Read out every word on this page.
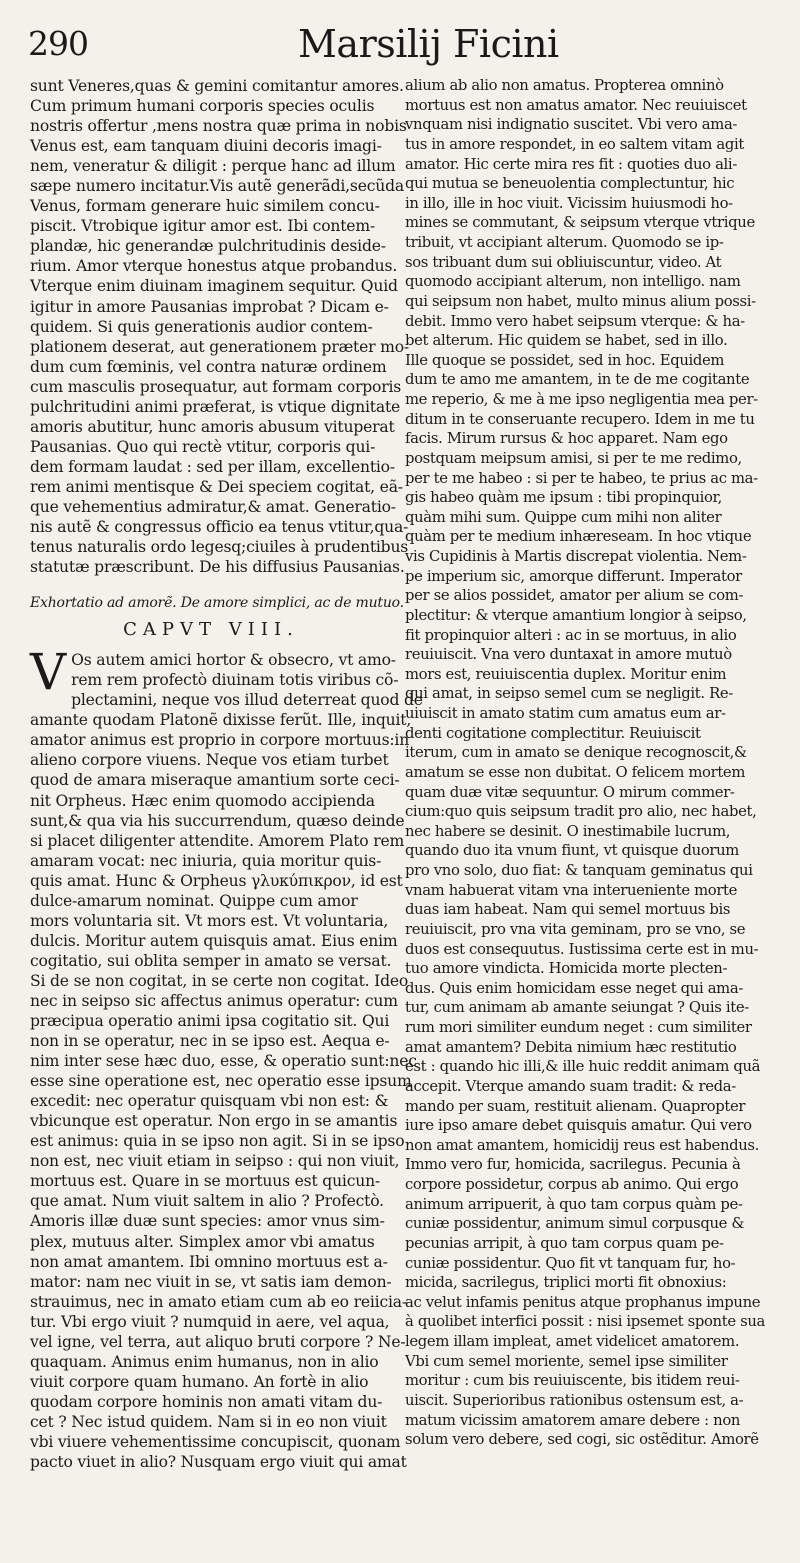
290	Marsilij Ficini
sunt Veneres,quas & gemini comitantur amores.
Cum primum humani corporis species oculis
nostris offertur ,mens nostra quæ prima in nobis
Venus est, eam tanquam diuini decoris imagi-
nem, veneratur & diligit : perque hanc ad illum
sæpe numero incitatur.Vis autẽ generãdi,secũda
Venus, formam generare huic similem concu-
piscit. Vtrobique igitur amor est. Ibi contem-
plandæ, hic generandæ pulchritudinis deside-
rium. Amor vterque honestus atque probandus.
Vterque enim diuinam imaginem sequitur. Quid
igitur in amore Pausanias improbat ? Dicam e-
quidem. Si quis generationis audior contem-
plationem deserat, aut generationem præter mo-
dum cum fœminis, vel contra naturæ ordinem
cum masculis prosequatur, aut formam corporis
pulchritudini animi præferat, is vtique dignitate
amoris abutitur, hunc amoris abusum vituperat
Pausanias. Quo qui rectè vtitur, corporis qui-
dem formam laudat : sed per illam, excellentio-
rem animi mentisque & Dei speciem cogitat, eã-
que vehementius admiratur,& amat. Generatio-
nis autẽ & congressus officio ea tenus vtitur,qua-
tenus naturalis ordo legesq;ciuiles à prudentibus
statutæ præscribunt. De his diffusius Pausanias.
Exhortatio ad amorẽ. De amore simplici, ac de mutuo.
CAPVT VIII.
V Os autem amici hortor & obsecro, vt amo-
rem rem profectò diuinam totis viribus cõ-
plectamini, neque vos illud deterreat quod de
amante quodam Platonẽ dixisse ferũt. Ille, inquit,
amator animus est proprio in corpore mortuus:in
alieno corpore viuens. Neque vos etiam turbet
quod de amara miseraque amantium sorte ceci-
nit Orpheus. Hæc enim quomodo accipienda
sunt,& qua via his succurrendum, quæso deinde
si placet diligenter attendite. Amorem Plato rem
amaram vocat: nec iniuria, quia moritur quis-
quis amat. Hunc & Orpheus γλυκύπικρον, id est
dulce-amarum nominat. Quippe cum amor
mors voluntaria sit. Vt mors est. Vt voluntaria,
dulcis. Moritur autem quisquis amat. Eius enim
cogitatio, sui oblita semper in amato se versat.
Si de se non cogitat, in se certe non cogitat. Ideo
nec in seipso sic affectus animus operatur: cum
præcipua operatio animi ipsa cogitatio sit. Qui
non in se operatur, nec in se ipso est. Aequa e-
nim inter sese hæc duo, esse, & operatio sunt:nec
esse sine operatione est, nec operatio esse ipsum
excedit: nec operatur quisquam vbi non est: &
vbicunque est operatur. Non ergo in se amantis
est animus: quia in se ipso non agit. Si in se ipso
non est, nec viuit etiam in seipso : qui non viuit,
mortuus est. Quare in se mortuus est quicun-
que amat. Num viuit saltem in alio ? Profectò.
Amoris illæ duæ sunt species: amor vnus sim-
plex, mutuus alter. Simplex amor vbi amatus
non amat amantem. Ibi omnino mortuus est a-
mator: nam nec viuit in se, vt satis iam demon-
strauimus, nec in amato etiam cum ab eo reiicia-
tur. Vbi ergo viuit ? numquid in aere, vel aqua,
vel igne, vel terra, aut aliquo bruti corpore ? Ne-
quaquam. Animus enim humanus, non in alio
viuit corpore quam humano. An fortè in alio
quodam corpore hominis non amati vitam du-
cet ? Nec istud quidem. Nam si in eo non viuit
vbi viuere vehementissime concupiscit, quonam
pacto viuet in alio? Nusquam ergo viuit qui amat
alium ab alio non amatus. Propterea omninò
mortuus est non amatus amator. Nec reuiuiscet
vnquam nisi indignatio suscitet. Vbi vero ama-
tus in amore respondet, in eo saltem vitam agit
amator. Hic certe mira res fit : quoties duo ali-
qui mutua se beneuolentia complectuntur, hic
in illo, ille in hoc viuit. Vicissim huiusmodi ho-
mines se commutant, & seipsum vterque vtrique
tribuit, vt accipiant alterum. Quomodo se ip-
sos tribuant dum sui obliuiscuntur, video. At
quomodo accipiant alterum, non intelligo. nam
qui seipsum non habet, multo minus alium possi-
debit. Immo vero habet seipsum vterque: & ha-
bet alterum. Hic quidem se habet, sed in illo.
Ille quoque se possidet, sed in hoc. Equidem
dum te amo me amantem, in te de me cogitante
me reperio, & me à me ipso negligentia mea per-
ditum in te conseruante recupero. Idem in me tu
facis. Mirum rursus & hoc apparet. Nam ego
postquam meipsum amisi, si per te me redimo,
per te me habeo : si per te habeo, te prius ac ma-
gis habeo quàm me ipsum : tibi propinquior,
quàm mihi sum. Quippe cum mihi non aliter
quàm per te medium inhæreseam. In hoc vtique
vis Cupidinis à Martis discrepat violentia. Nem-
pe imperium sic, amorque differunt. Imperator
per se alios possidet, amator per alium se com-
plectitur: & vterque amantium longior à seipso,
fit propinquior alteri : ac in se mortuus, in alio
reuiuiscit. Vna vero duntaxat in amore mutuò
mors est, reuiuiscentia duplex. Moritur enim
qui amat, in seipso semel cum se negligit. Re-
uiuiscit in amato statim cum amatus eum ar-
denti cogitatione complectitur. Reuiuiscit
iterum, cum in amato se denique recognoscit,&
amatum se esse non dubitat. O felicem mortem
quam duæ vitæ sequuntur. O mirum commer-
cium:quo quis seipsum tradit pro alio, nec habet,
nec habere se desinit. O inestimabile lucrum,
quando duo ita vnum fiunt, vt quisque duorum
pro vno solo, duo fiat: & tanquam geminatus qui
vnam habuerat vitam vna interueniente morte
duas iam habeat. Nam qui semel mortuus bis
reuiuiscit, pro vna vita geminam, pro se vno, se
duos est consequutus. Iustissima certe est in mu-
tuo amore vindicta. Homicida morte plecten-
dus. Quis enim homicidam esse neget qui ama-
tur, cum animam ab amante seiungat ? Quis ite-
rum mori similiter eundum neget : cum similiter
amat amantem? Debita nimium hæc restitutio
est : quando hic illi,& ille huic reddit animam quã
accepit. Vterque amando suam tradit: & reda-
mando per suam, restituit alienam. Quapropter
iure ipso amare debet quisquis amatur. Qui vero
non amat amantem, homicidij reus est habendus.
Immo vero fur, homicida, sacrilegus. Pecunia à
corpore possidetur, corpus ab animo. Qui ergo
animum arripuerit, à quo tam corpus quàm pe-
cuniæ possidentur, animum simul corpusque &
pecunias arripit, à quo tam corpus quam pe-
cuniæ possidentur. Quo fit vt tanquam fur, ho-
micida, sacrilegus, triplici morti fit obnoxius:
ac velut infamis penitus atque prophanus impune
à quolibet interfici possit : nisi ipsemet sponte sua
legem illam impleat, amet videlicet amatorem.
Vbi cum semel moriente, semel ipse similiter
moritur : cum bis reuiuiscente, bis itidem reui-
uiscit. Superioribus rationibus ostensum est, a-
matum vicissim amatorem amare debere : non
solum vero debere, sed cogi, sic ostẽditur. Amorẽ
